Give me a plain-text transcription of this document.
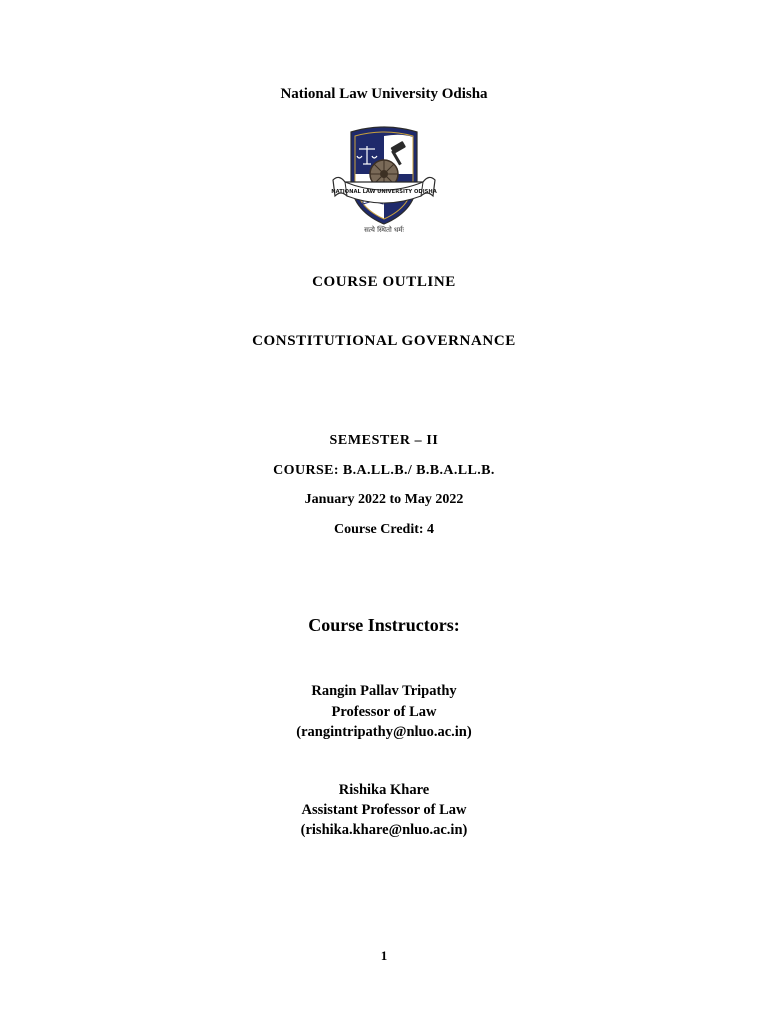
National Law University Odisha
NATIONAL LAW UNIVERSITY ODISHA
सत्ये स्थितो धर्मः
COURSE OUTLINE
CONSTITUTIONAL GOVERNANCE
SEMESTER – II
COURSE: B.A.LL.B./ B.B.A.LL.B.
January 2022 to May 2022
Course Credit: 4
Course Instructors:
Rangin Pallav Tripathy
Professor of Law
(rangintripathy@nluo.ac.in)
Rishika Khare
Assistant Professor of Law
(rishika.khare@nluo.ac.in)
1
